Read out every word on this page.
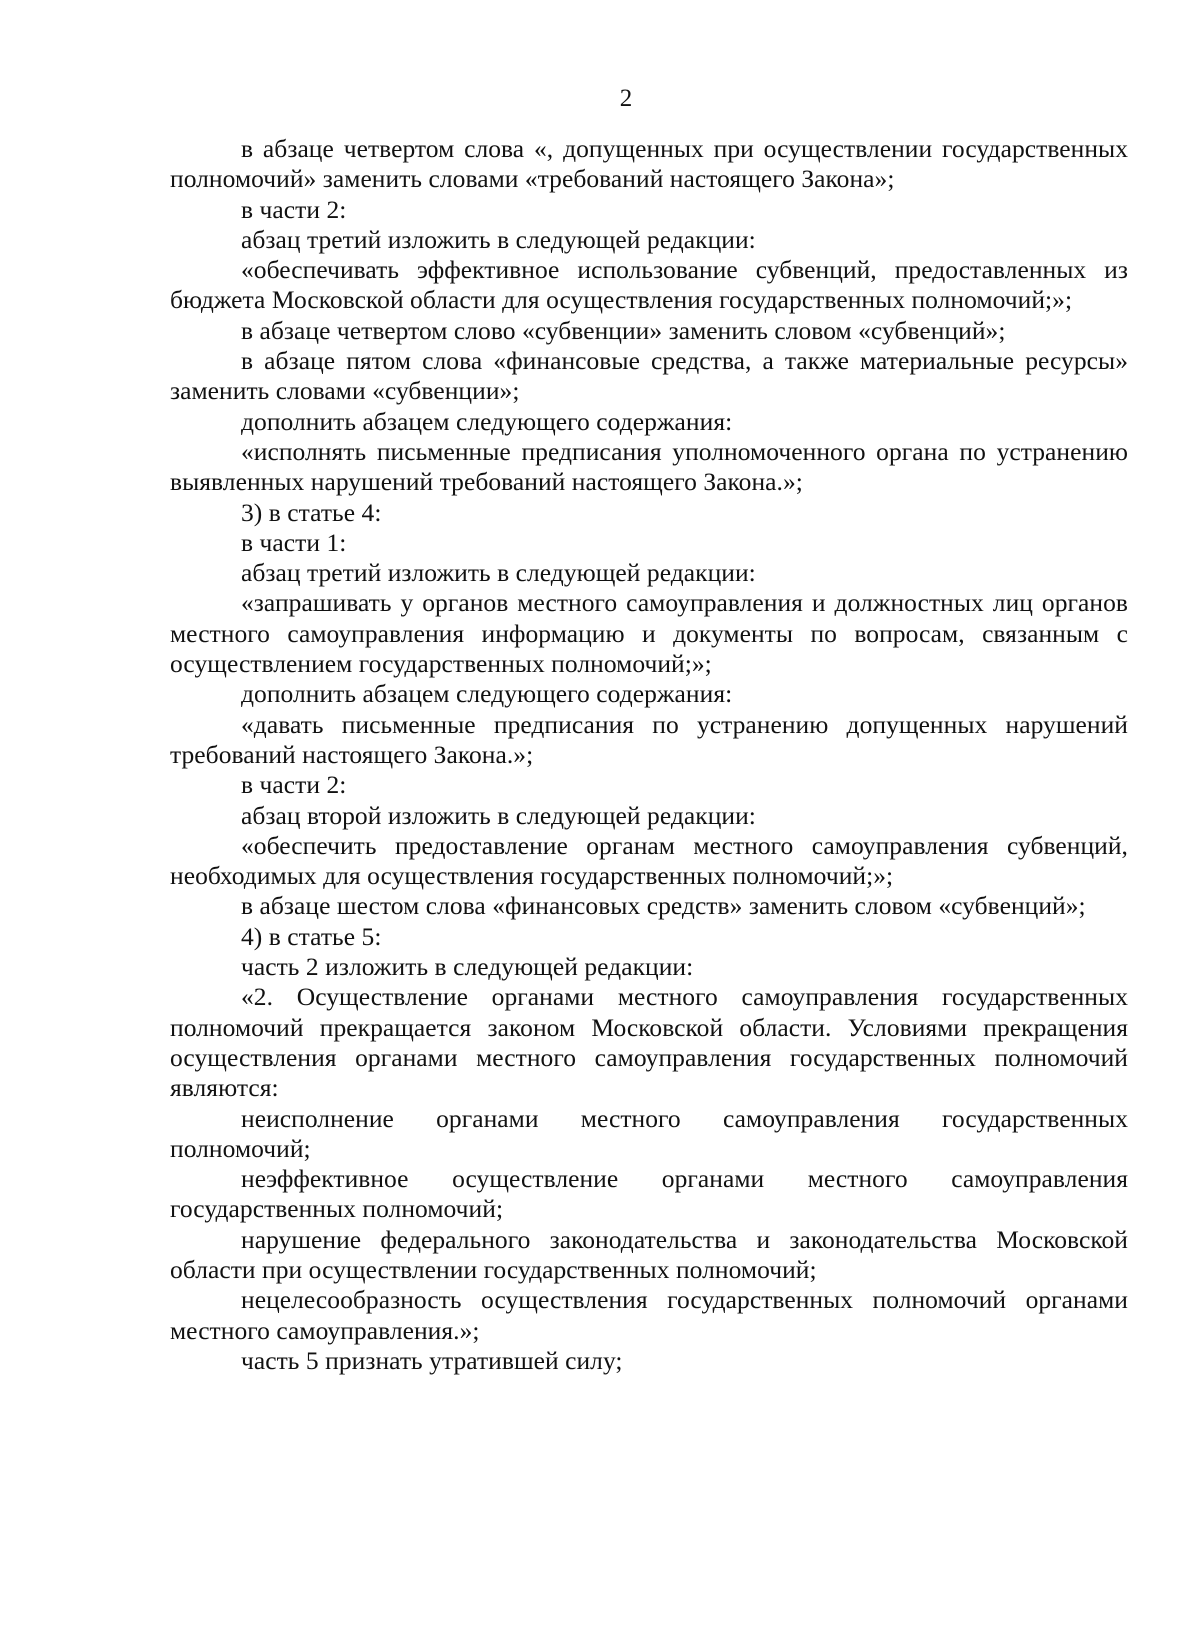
2

в абзаце четвертом слова «, допущенных при осуществлении государственных полномочий» заменить словами «требований настоящего Закона»;

в части 2:

абзац третий изложить в следующей редакции:

«обеспечивать эффективное использование субвенций, предоставленных из бюджета Московской области для осуществления государственных полномочий;»;

в абзаце четвертом слово «субвенции» заменить словом «субвенций»;

в абзаце пятом слова «финансовые средства, а также материальные ресурсы» заменить словами «субвенции»;

дополнить абзацем следующего содержания:

«исполнять письменные предписания уполномоченного органа по устранению выявленных нарушений требований настоящего Закона.»;

3) в статье 4:

в части 1:

абзац третий изложить в следующей редакции:

«запрашивать у органов местного самоуправления и должностных лиц органов местного самоуправления информацию и документы по вопросам, связанным с осуществлением государственных полномочий;»;

дополнить абзацем следующего содержания:

«давать письменные предписания по устранению допущенных нарушений требований настоящего Закона.»;

в части 2:

абзац второй изложить в следующей редакции:

«обеспечить предоставление органам местного самоуправления субвенций, необходимых для осуществления государственных полномочий;»;

в абзаце шестом слова «финансовых средств» заменить словом «субвенций»;

4) в статье 5:

часть 2 изложить в следующей редакции:

«2. Осуществление органами местного самоуправления государственных полномочий прекращается законом Московской области. Условиями прекращения осуществления органами местного самоуправления государственных полномочий являются:

неисполнение органами местного самоуправления государственных полномочий;

неэффективное осуществление органами местного самоуправления государственных полномочий;

нарушение федерального законодательства и законодательства Московской области при осуществлении государственных полномочий;

нецелесообразность осуществления государственных полномочий органами местного самоуправления.»;

часть 5 признать утратившей силу;
